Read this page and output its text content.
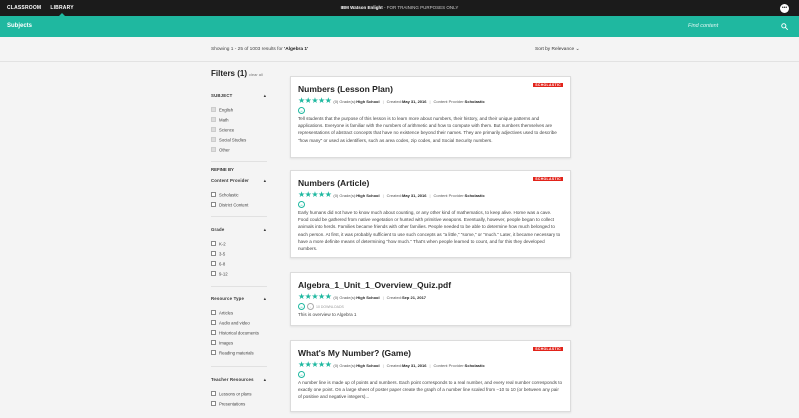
CLASSROOM LIBRARY	IBM Watson Enlight - FOR TRAINING PURPOSES ONLY	•••
Subjects	Find content
Showing 1 - 25 of 1003 results for 'Algebra 1'	Sort by Relevance ⌄
Filters (1) clear all
SUBJECT	▲
English
Math
Science
Social Studies
Other
REFINE BY
Content Provider	▲
Scholastic
District Content
Grade	▲
K-2
3-5
6-8
9-12
Resource Type	▲
Articles
Audio and video
Historical documents
Images
Reading materials
Teacher Resources ▲
Lessons or plans
Presentations
Numbers (Lesson Plan)	SCHOLASTIC
★★★★★ (0)
Grade(s): High School | Created: May 31, 2016 | Content Provider: Scholastic
••
Tell students that the purpose of this lesson is to learn more about numbers, their history, and their unique patterns and applications. Everyone is familiar with the numbers of arithmetic and how to compute with them. But numbers themselves are representations of abstract concepts that have no existence beyond their names. They are primarily adjectives used to describe "how many" or used as identifiers, such as area codes, zip codes, and Social Security numbers.
Numbers (Article)	SCHOLASTIC
★★★★★ (0)
Grade(s): High School | Created: May 31, 2016 | Content Provider: Scholastic
••
Early humans did not have to know much about counting, or any other kind of mathematics, to keep alive. Home was a cave. Food could be gathered from native vegetation or hunted with primitive weapons. Eventually, however, people began to collect animals into herds. Families became friends with other families. People needed to be able to determine how much belonged to each person. At first, it was probably sufficient to use such concepts as "a little," "some," or "much." Later, it became necessary to have a more definite means of determining "how much." That's when people learned to count, and for this they developed numbers.
Algebra_1_Unit_1_Overview_Quiz.pdf
★★★★★ (0)
Grade(s): High School | Created: Sep 21, 2017
••	↓	10 DOWNLOADS
This is overview to Algebra 1
What's My Number? (Game)	SCHOLASTIC
★★★★★ (0)
Grade(s): High School | Created: May 31, 2016 | Content Provider: Scholastic
••
A number line is made up of points and numbers. Each point corresponds to a real number, and every real number corresponds to exactly one point. On a large sheet of poster paper create the graph of a number line scaled from −10 to 10 (or between any pair of positive and negative integers)...
